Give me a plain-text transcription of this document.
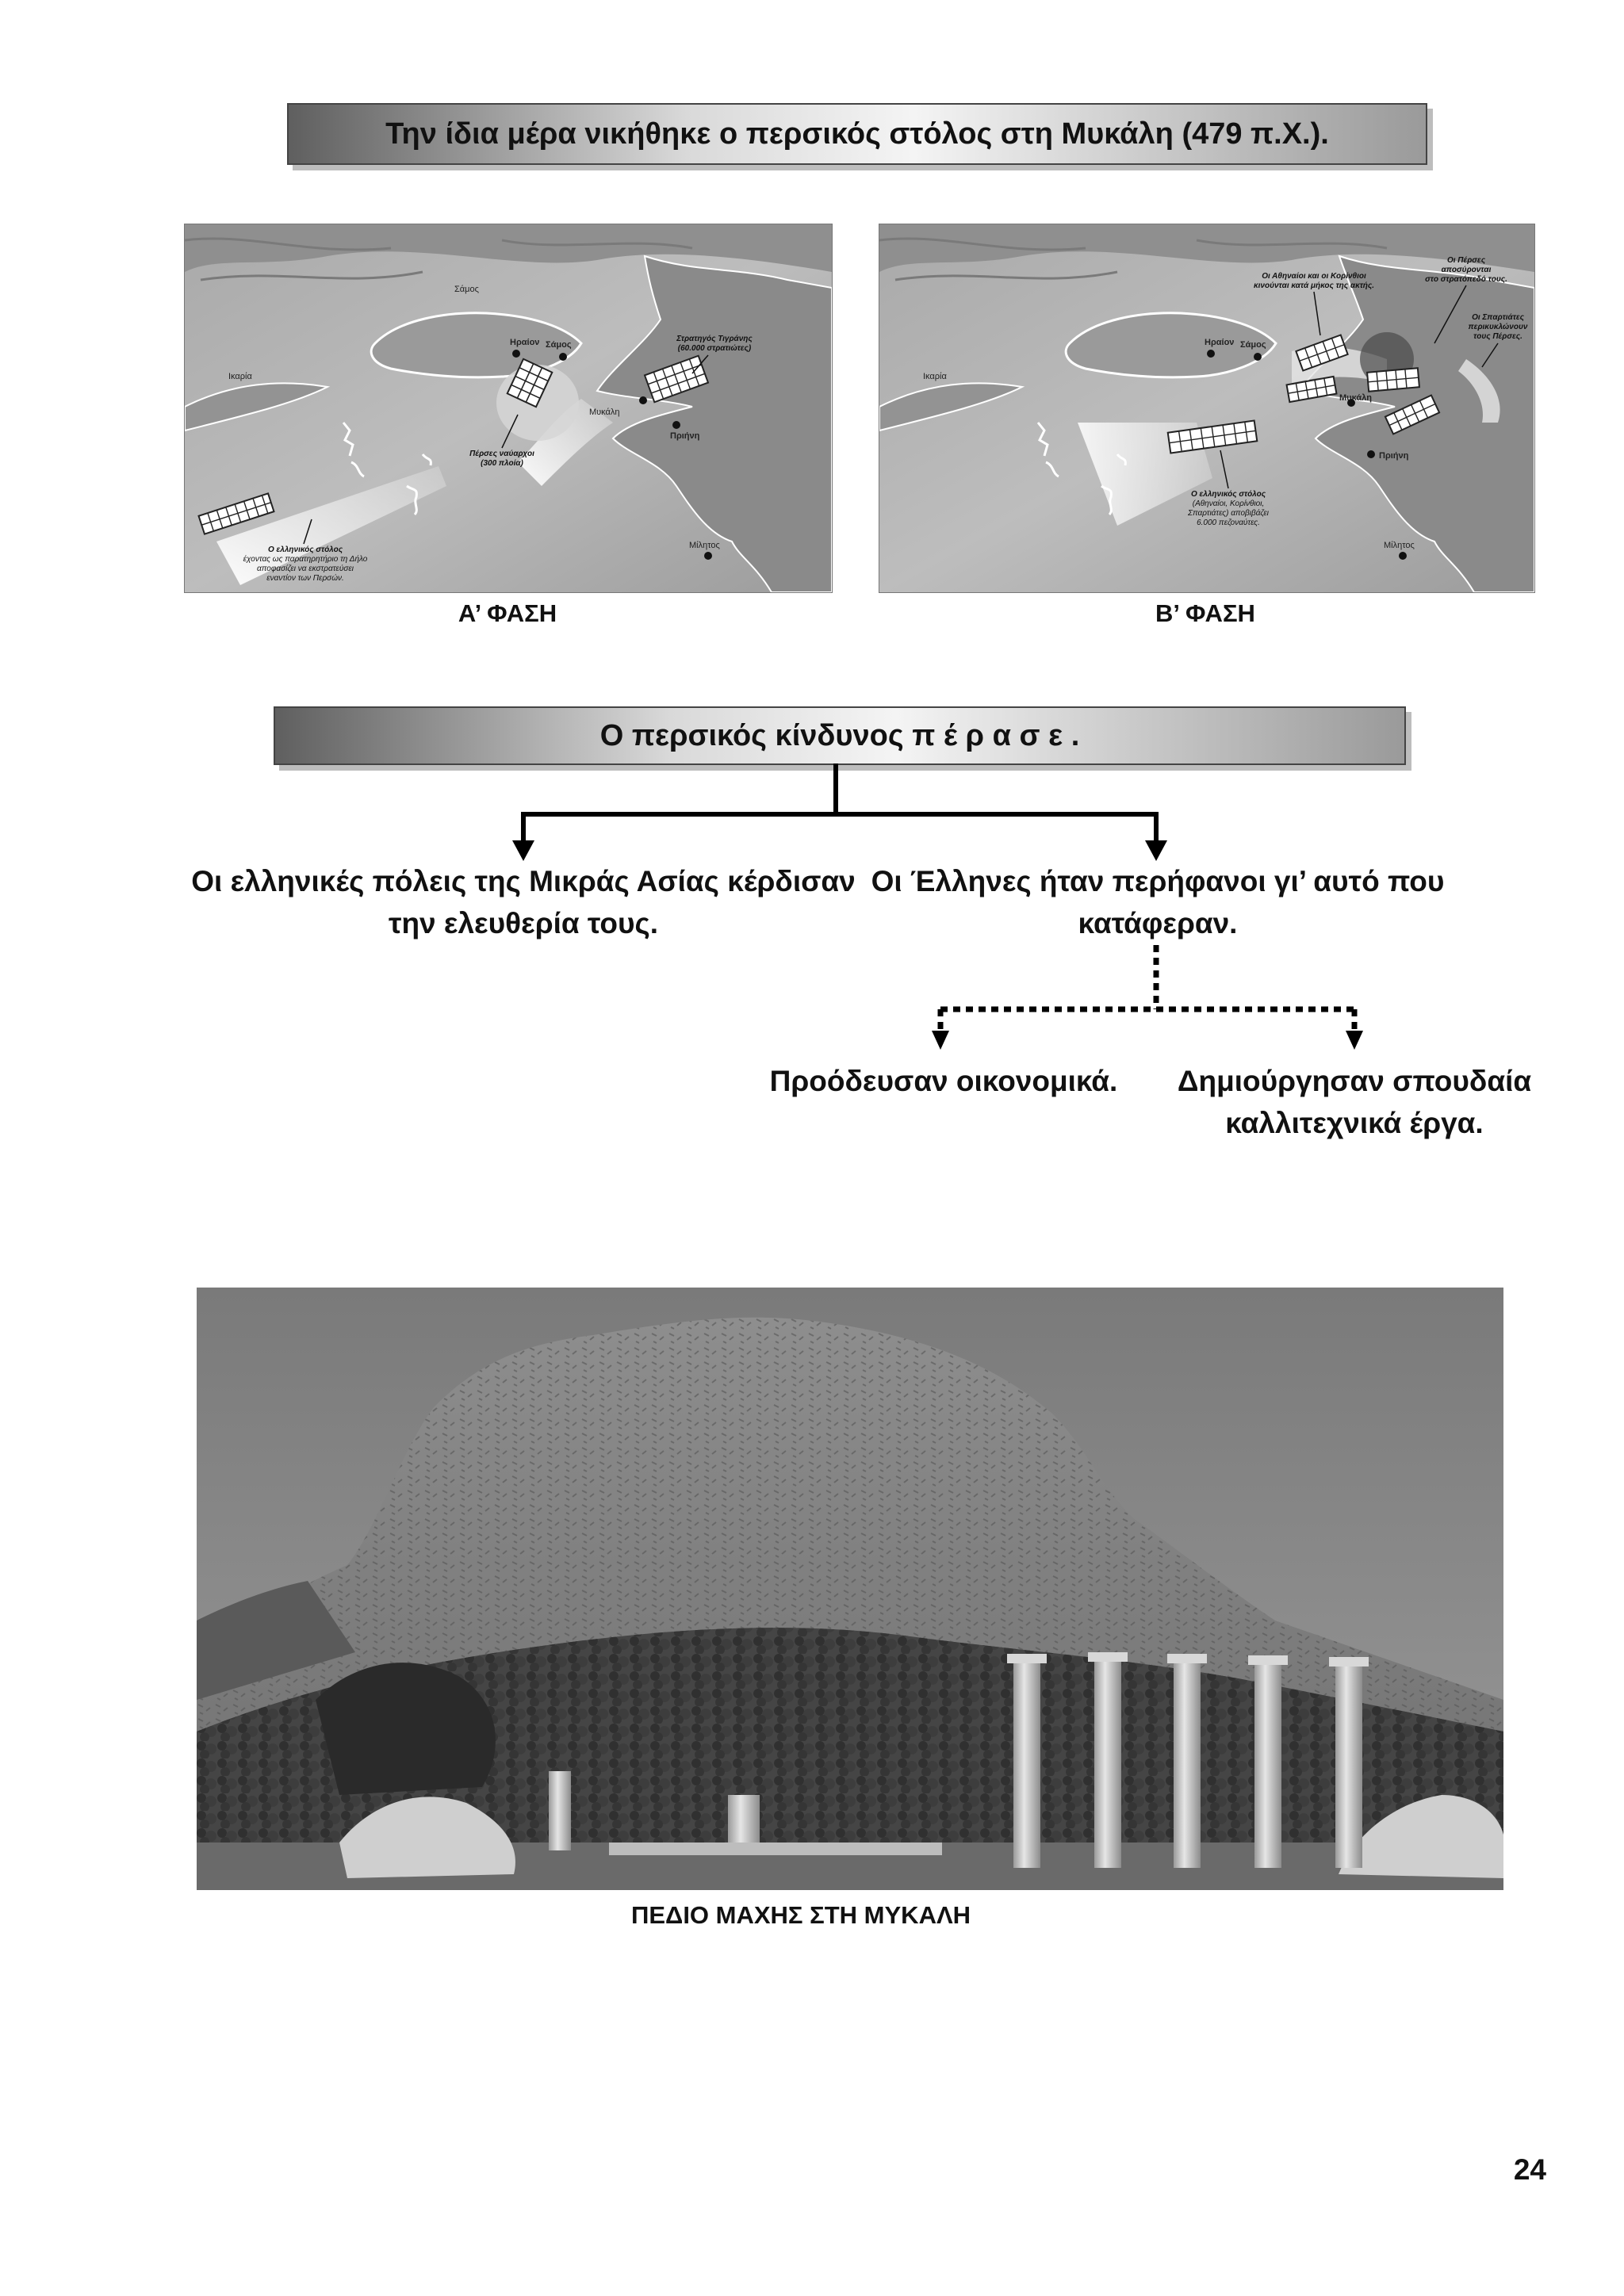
Την ίδια μέρα νικήθηκε ο περσικός στόλος στη Μυκάλη (479 π.Χ.).
Ηραίον Σάμος
Σάμος
Ικαρία
Μυκάλη
Πριήνη
Μίλητος
Στρατηγός Τιγράνης
(60.000 στρατιώτες)
Πέρσες ναύαρχοι
(300 πλοία)
Ο ελληνικός στόλος
έχοντας ως παρατηρητήριο τη Δήλο
αποφασίζει να εκστρατεύσει
εναντίον των Περσών.
Α’ ΦΑΣΗ
Ηραίον Σάμος
Ικαρία
Μυκάλη
Πριήνη
Μίλητος
Οι Αθηναίοι και οι Κορίνθιοι
κινούνται κατά μήκος της ακτής.
Οι Πέρσες
αποσύρονται
στο στρατόπεδό τους.
Οι Σπαρτιάτες
περικυκλώνουν
τους Πέρσες.
Ο ελληνικός στόλος
(Αθηναίοι, Κορίνθιοι,
Σπαρτιάτες) αποβιβάζει
6.000 πεζοναύτες.
Β’ ΦΑΣΗ
Ο περσικός κίνδυνος π έ ρ α σ ε .
Οι ελληνικές πόλεις της Μικράς Ασίας κέρδισαν
την ελευθερία τους.
Οι Έλληνες ήταν περήφανοι γι’ αυτό που
κατάφεραν.
Προόδευσαν οικονομικά.	Δημιούργησαν σπουδαία
καλλιτεχνικά έργα.
ΠΕΔΙΟ ΜΑΧΗΣ ΣΤΗ ΜΥΚΑΛΗ
24
